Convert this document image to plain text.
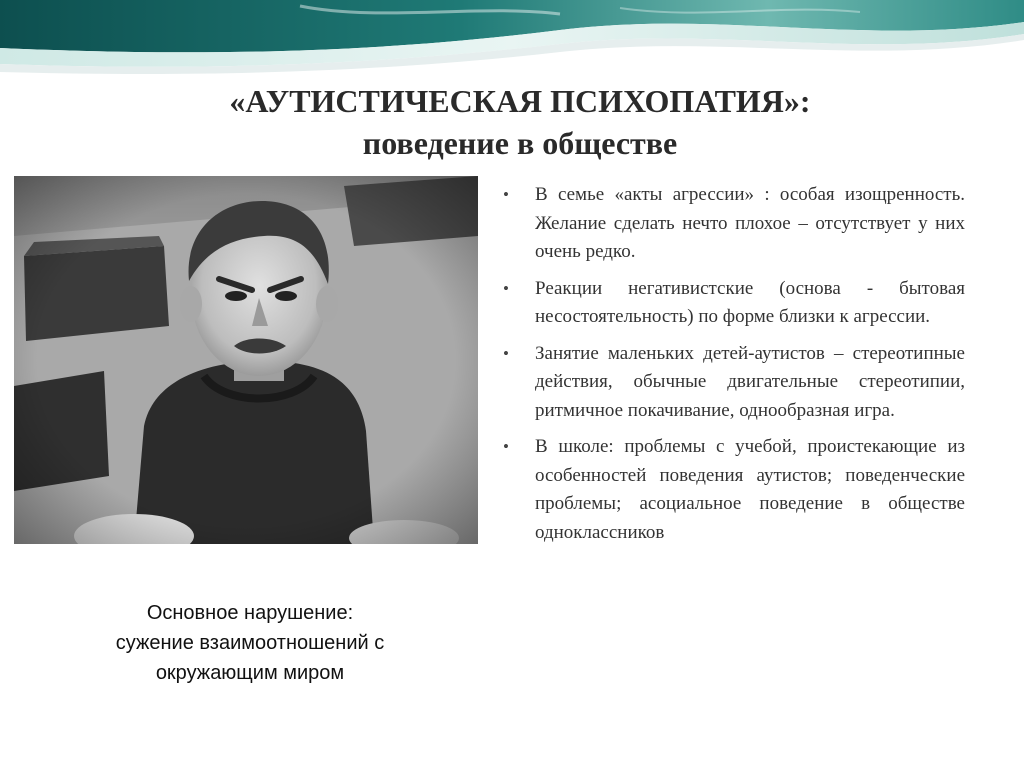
«АУТИСТИЧЕСКАЯ ПСИХОПАТИЯ»:
поведение в обществе
Основное нарушение:
сужение взаимоотношений с
окружающим миром
•	В семье «акты агрессии» : особая изощренность. Желание сделать нечто плохое – отсутствует у них очень редко.
•	Реакции негативистские (основа - бытовая несостоятельность) по форме близки к агрессии.
•	Занятие маленьких детей-аутистов – стереотипные действия, обычные двигательные стереотипии, ритмичное покачивание, однообразная игра.
•	В школе: проблемы с учебой, проистекающие из особенностей поведения аутистов; поведенческие проблемы; асоциальное поведение в обществе одноклассников
